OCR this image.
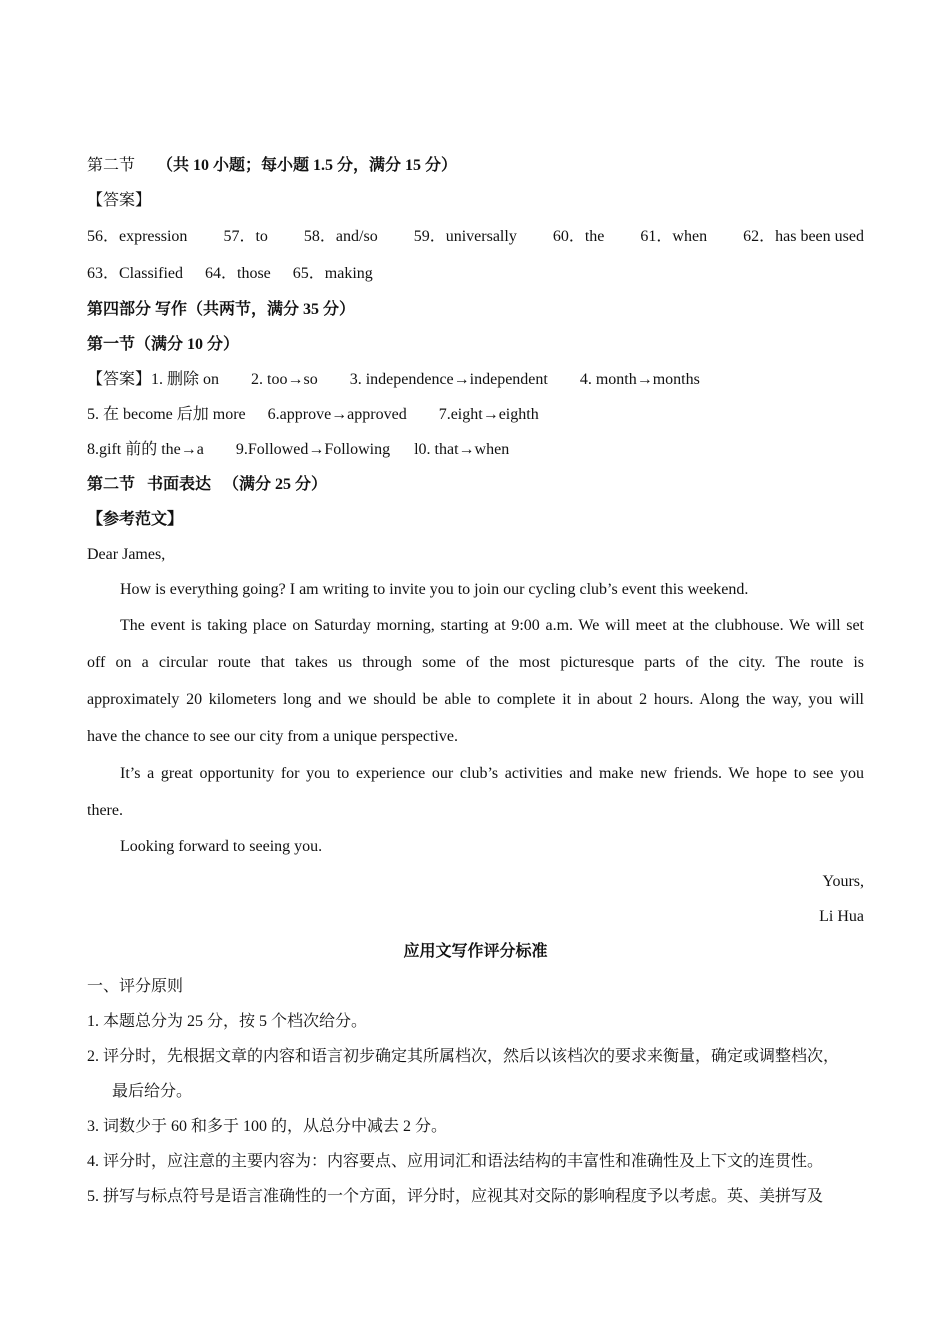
第二节 （共 10 小题；每小题 1.5 分，满分 15 分）
【答案】
56．expression 57．to 58．and/so 59．universally 60．the 61．when 62．has been used
63．Classified 64．those 65．making
第四部分 写作（共两节，满分 35 分）
第一节（满分 10 分）
【答案】1. 删除 on 2. too→so 3. independence→independent 4. month→months
5. 在 become 后加 more 6.approve→approved 7.eight→eighth
8.gift 前的 the→a 9.Followed→Following l0. that→when
第二节   书面表达   （满分 25 分）
【参考范文】
Dear James,
How is everything going? I am writing to invite you to join our cycling club’s event this weekend.
The event is taking place on Saturday morning, starting at 9:00 a.m. We will meet at the clubhouse. We will set
off on a circular route that takes us through some of the most picturesque parts of the city. The route is
approximately 20 kilometers long and we should be able to complete it in about 2 hours. Along the way, you will
have the chance to see our city from a unique perspective.
It’s a great opportunity for you to experience our club’s activities and make new friends. We hope to see you
there.
Looking forward to seeing you.
Yours,
Li Hua
应用文写作评分标准
一、评分原则
1. 本题总分为 25 分，按 5 个档次给分。
2. 评分时，先根据文章的内容和语言初步确定其所属档次，然后以该档次的要求来衡量，确定或调整档次，
最后给分。
3. 词数少于 60 和多于 100 的，从总分中减去 2 分。
4. 评分时，应注意的主要内容为：内容要点、应用词汇和语法结构的丰富性和准确性及上下文的连贯性。
5. 拼写与标点符号是语言准确性的一个方面，评分时，应视其对交际的影响程度予以考虑。英、美拼写及
